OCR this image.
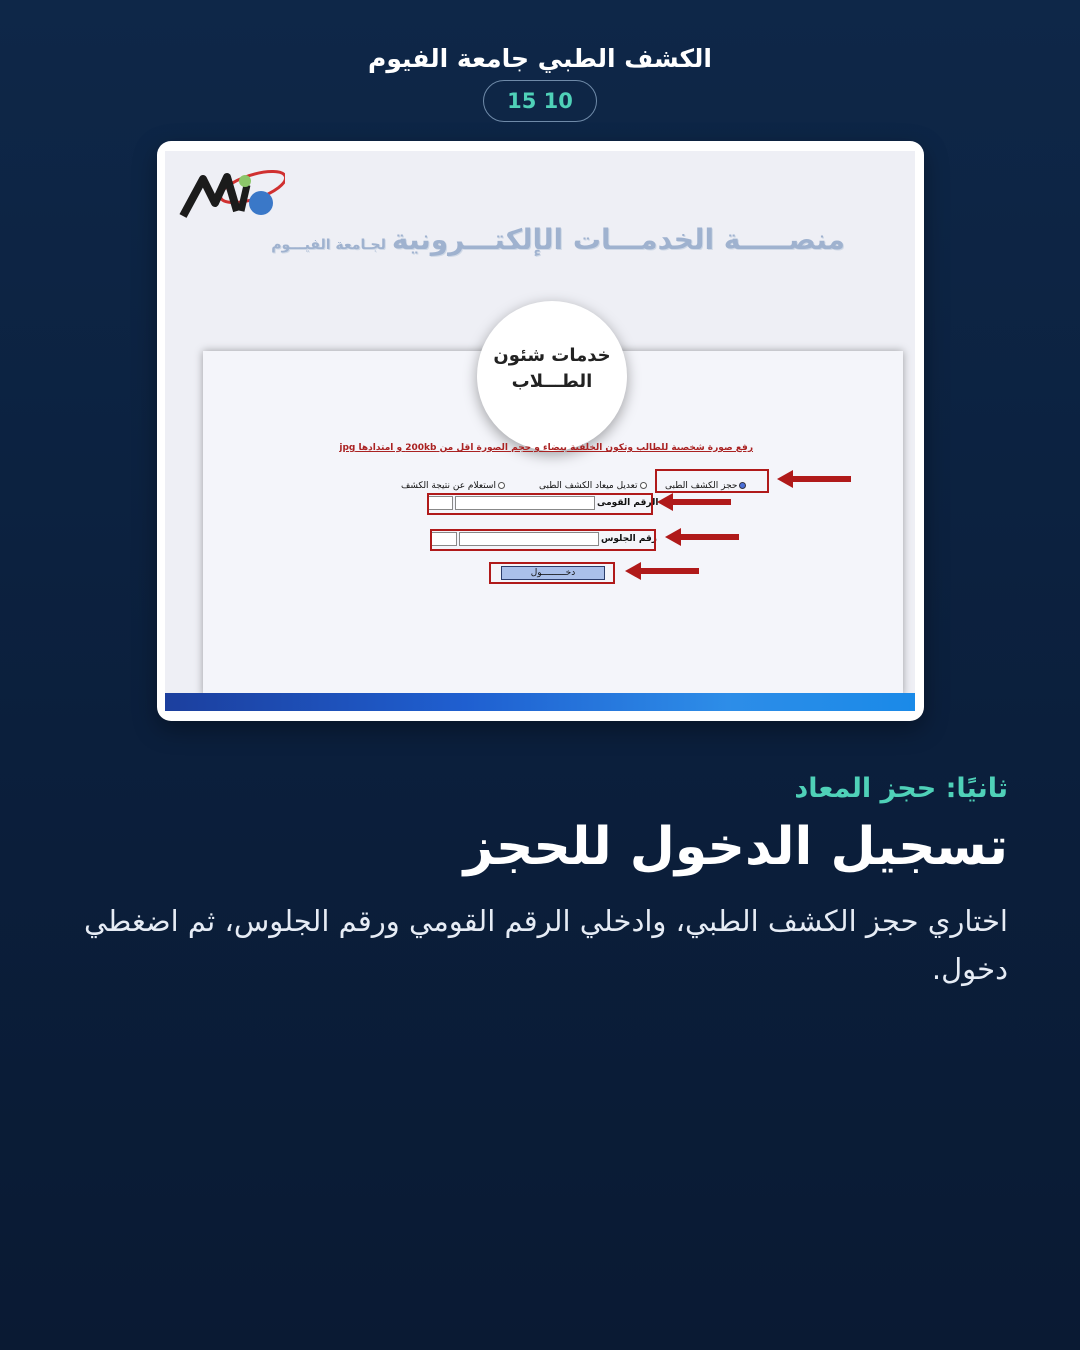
الكشف الطبي جامعة الفيوم
10 15
منصـــــة الخدمـــات الإلكتـــرونيةلجـامعة الفيـــوم
خدمات شئون
الطـــلاب
رفع صورة شخصية للطالب وتكون الخلفية بيضاء و حجم الصورة اقل من 200kb و امتدادها jpg
حجز الكشف الطبى
تعديل ميعاد الكشف الطبى
استعلام عن نتيجة الكشف
الرقم القومى
رقم الجلوس
دخـــــــــول
ثانيًا: حجز المعاد
تسجيل الدخول للحجز
اختاري حجز الكشف الطبي، وادخلي الرقم القومي ورقم الجلوس، ثم اضغطي دخول.
